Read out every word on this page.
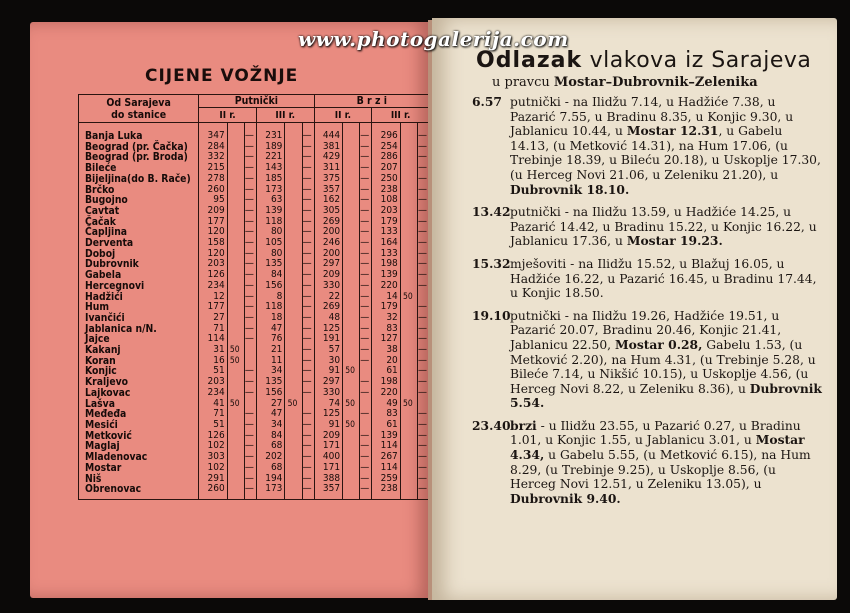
CIJENE VOŽNJE
Od Sarajeva
do stanice	Putnički						B r z i					
	II r.			III r.			II r.			III r.		
Banja Luka	347		—	231		—	444		—	296		—
Beograd (pr. Čačka)	284		—	189		—	381		—	254		—
Beograd (pr. Broda)	332		—	221		—	429		—	286		—
Bileće	215		—	143		—	311		—	207		—
Bijeljina(do B. Rače)	278		—	185		—	375		—	250		—
Brčko	260		—	173		—	357		—	238		—
Bugojno	95		—	63		—	162		—	108		—
Cavtat	209		—	139		—	305		—	203		—
Čačak	177		—	118		—	269		—	179		—
Čapljina	120		—	80		—	200		—	133		—
Derventa	158		—	105		—	246		—	164		—
Doboj	120		—	80		—	200		—	133		—
Dubrovnik	203		—	135		—	297		—	198		—
Gabela	126		—	84		—	209		—	139		—
Hercegnovi	234		—	156		—	330		—	220		—
Hadžići	12		—	8		—	22		—	14	50	
Hum	177		—	118		—	269		—	179		—
Ivančići	27		—	18		—	48		—	32		—
Jablanica n/N.	71		—	47		—	125		—	83		—
Jajce	114		—	76		—	191		—	127		—
Kakanj	31	50		21		—	57		—	38		—
Koran	16	50		11		—	30		—	20		—
Konjic	51		—	34		—	91	50		61		—
Kraljevo	203		—	135		—	297		—	198		—
Lajkovac	234		—	156		—	330		—	220		—
Lašva	41	50		27	50		74	50		49	50	
Međeđa	71		—	47		—	125		—	83		—
Mesići	51		—	34		—	91	50		61		—
Metković	126		—	84		—	209		—	139		—
Maglaj	102		—	68		—	171		—	114		—
Mladenovac	303		—	202		—	400		—	267		—
Mostar	102		—	68		—	171		—	114		—
Niš	291		—	194		—	388		—	259		—
Obrenovac	260		—	173		—	357		—	238		—
Odlazak vlakova iz Sarajeva
u pravcu Mostar–Dubrovnik–Zelenika
6.57 putnički - na Ilidžu 7.14, u Hadžiće 7.38, u Pazarić 7.55, u Bradinu 8.35, u Konjic 9.30, u Jablanicu 10.44, u Mostar 12.31, u Gabelu 14.13, (u Metković 14.31), na Hum 17.06, (u Trebinje 18.39, u Bileću 20.18), u Uskoplje 17.30, (u Herceg Novi 21.06, u Zeleniku 21.20), u Dubrovnik 18.10.
13.42 putnički - na Ilidžu 13.59, u Hadžiće 14.25, u Pazarić 14.42, u Bradinu 15.22, u Konjic 16.22, u Jablanicu 17.36, u Mostar 19.23.
15.32 mješoviti - na Ilidžu 15.52, u Blažuj 16.05, u Hadžiće 16.22, u Pazarić 16.45, u Bradinu 17.44, u Konjic 18.50.
19.10 putnički - na Ilidžu 19.26, Hadžiće 19.51, u Pazarić 20.07, Bradinu 20.46, Konjic 21.41, Jablanicu 22.50, Mostar 0.28, Gabelu 1.53, (u Metković 2.20), na Hum 4.31, (u Trebinje 5.28, u Bileće 7.14, u Nikšić 10.15), u Uskoplje 4.56, (u Herceg Novi 8.22, u Zeleniku 8.36), u Dubrovnik 5.54.
23.40 brzi - u Ilidžu 23.55, u Pazarić 0.27, u Bradinu 1.01, u Konjic 1.55, u Jablanicu 3.01, u Mostar 4.34, u Gabelu 5.55, (u Metković 6.15), na Hum 8.29, (u Trebinje 9.25), u Uskoplje 8.56, (u Herceg Novi 12.51, u Zeleniku 13.05), u Dubrovnik 9.40.
www.photogalerija.com
